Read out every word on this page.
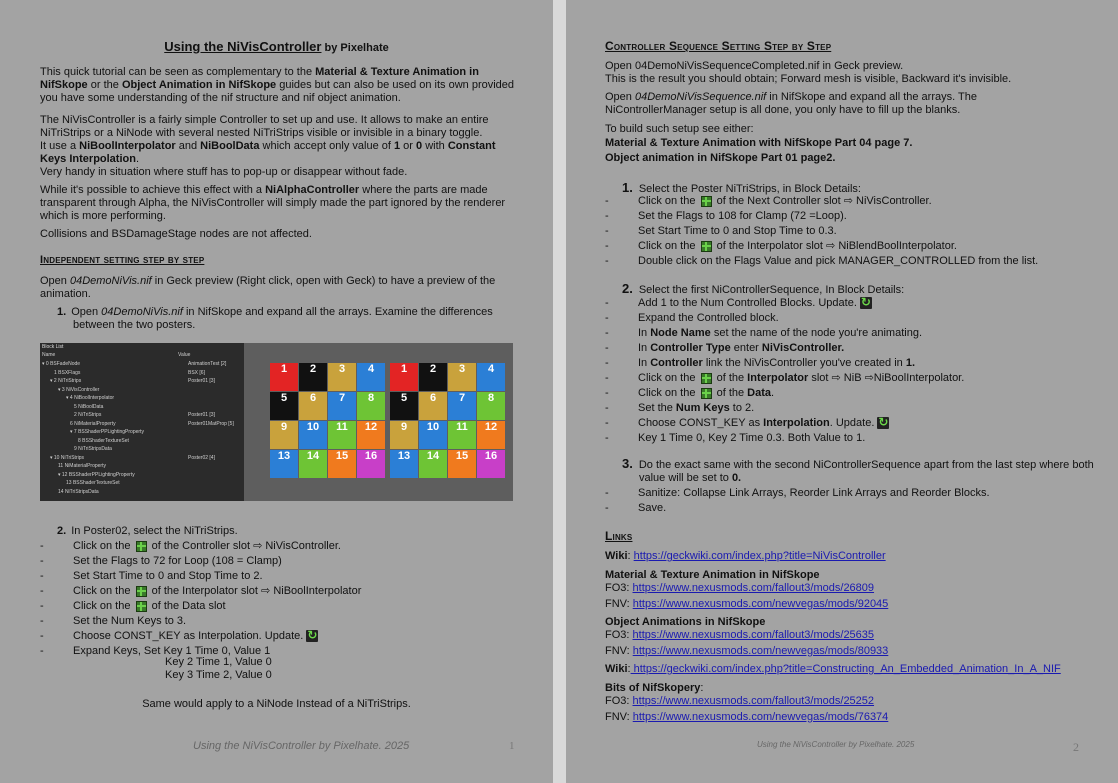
Using the NiVisController by Pixelhate

This quick tutorial can be seen as complementary to the Material & Texture Animation in NifSkope or the Object Animation in NifSkope guides but can also be used on its own provided you have some understanding of the nif structure and nif object animation.

The NiVisController is a fairly simple Controller to set up and use. It allows to make an entire NiTriStrips or a NiNode with several nested NiTriStrips visible or invisible in a binary toggle.
It use a NiBoolInterpolator and NiBoolData which accept only value of 1 or 0 with Constant Keys Interpolation.
Very handy in situation where stuff has to pop-up or disappear without fade.

While it's possible to achieve this effect with a NiAlphaController where the parts are made transparent through Alpha, the NiVisController will simply made the part ignored by the renderer which is more performing.

Collisions and BSDamageStage nodes are not affected.

Independent setting step by step

Open 04DemoNiVis.nif in Geck preview (Right click, open with Geck) to have a preview of the animation.

1. Open 04DemoNiVis.nif in NifSkope and expand all the arrays. Examine the differences between the two posters.

Block List
Name	Value
▾ 0 BSFadeNode	AnimationTest [2]
1 BSXFlags	BSX [6]
▾ 2 NiTriStrips	Poster01 [3]
▾ 3 NiVisController
▾ 4 NiBoolInterpolator
5 NiBoolData
2 NiTriStrips	Poster01 [3]
6 NiMaterialProperty	Poster01MatProp [5]
▾ 7 BSShaderPPLightingProperty
8 BSShaderTextureSet
9 NiTriStripsData
▾ 10 NiTriStrips	Poster02 [4]
11 NiMaterialProperty
▾ 12 BSShaderPPLightingProperty
13 BSShaderTextureSet
14 NiTriStripsData
1	2	3	4
5	6	7	8
9	10	11	12
13	14	15	16
1	2	3	4
5	6	7	8
9	10	11	12
13	14	15	16

2. In Poster02, select the NiTriStrips.

- Click on the  of the Controller slot ⇨ NiVisController.
- Set the Flags to 72 for Loop (108 = Clamp)
- Set Start Time to 0 and Stop Time to 2.
- Click on the  of the Interpolator slot ⇨ NiBoolInterpolator
- Click on the  of the Data slot
- Set the Num Keys to 3.
- Choose CONST_KEY as Interpolation. Update.↻
- Expand Keys, Set Key 1 Time 0, Value 1
Key 2 Time 1, Value 0
Key 3 Time 2, Value 0

Same would apply to a NiNode Instead of a NiTriStrips.

Using the NiVisController by Pixelhate. 2025	1
Controller Sequence Setting Step by Step

Open 04DemoNiVisSequenceCompleted.nif in Geck preview.
This is the result you should obtain; Forward mesh is visible, Backward it's invisible.

Open 04DemoNiVisSequence.nif in NifSkope and expand all the arrays. The NiControllerManager setup is all done, you only have to fill up the blanks.

To build such setup see either:
Material & Texture Animation with NifSkope Part 04 page 7.
Object animation in NifSkope Part 01 page2.

1. Select the Poster NiTriStrips, in Block Details:

- Click on the  of the Next Controller slot ⇨ NiVisController.
- Set the Flags to 108 for Clamp (72 =Loop).
- Set Start Time to 0 and Stop Time to 0.3.
- Click on the  of the Interpolator slot ⇨ NiBlendBoolInterpolator.
- Double click on the Flags Value and pick MANAGER_CONTROLLED from the list.

2. Select the first NiControllerSequence, In Block Details:

- Add 1 to the Num Controlled Blocks. Update.↻
- Expand the Controlled block.
- In Node Name set the name of the node you're animating.
- In Controller Type enter NiVisController.
- In Controller link the NiVisController you've created in 1.
- Click on the  of the Interpolator slot ⇨ NiB ⇨NiBoolInterpolator.
- Click on the  of the Data.
- Set the Num Keys to 2.
- Choose CONST_KEY as Interpolation. Update.↻
- Key 1 Time 0, Key 2 Time 0.3. Both Value to 1.

3. Do the exact same with the second NiControllerSequence apart from the last step where both value will be set to 0.

- Sanitize: Collapse Link Arrays, Reorder Link Arrays and Reorder Blocks.
- Save.
Links
Wiki: https://geckwiki.com/index.php?title=NiVisController
Material & Texture Animation in NifSkope
FO3: https://www.nexusmods.com/fallout3/mods/26809
FNV: https://www.nexusmods.com/newvegas/mods/92045
Object Animations in NifSkope
FO3: https://www.nexusmods.com/fallout3/mods/25635
FNV: https://www.nexusmods.com/newvegas/mods/80933
Wiki: https://geckwiki.com/index.php?title=Constructing_An_Embedded_Animation_In_A_NIF
Bits of NifSkopery:
FO3: https://www.nexusmods.com/fallout3/mods/25252
FNV: https://www.nexusmods.com/newvegas/mods/76374
Using the NiVisController by Pixelhate. 2025	2
